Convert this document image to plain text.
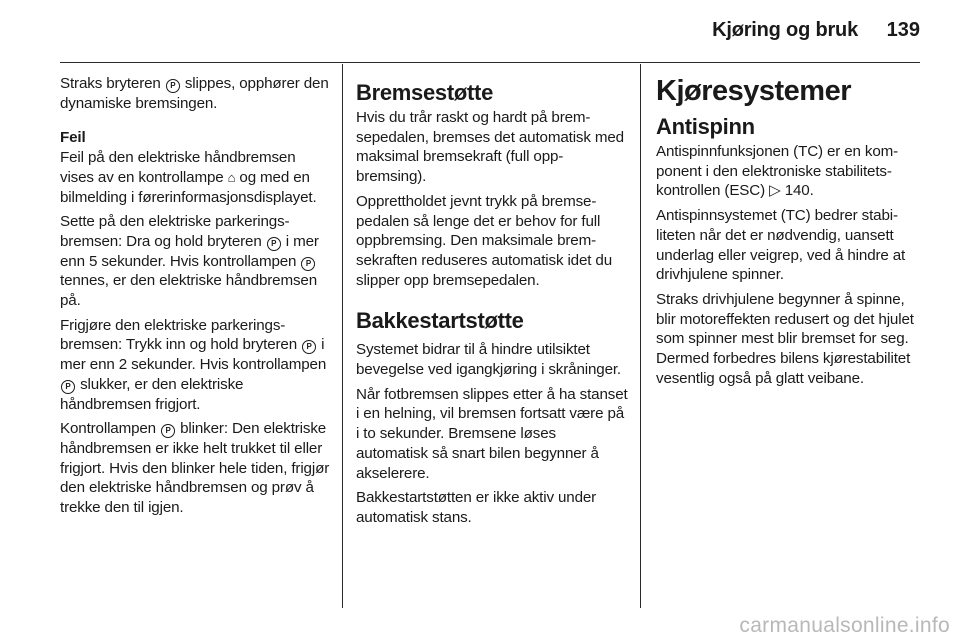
Kjøring og bruk 139

Straks bryteren P slippes, opphører den dynamiske bremsingen.

Feil

Feil på den elektriske håndbremsen vises av en kontrollampe ⌂ og med en bilmelding i førerinformasjonsdisplayet.

Sette på den elektriske parkeringsbremsen: Dra og hold bryteren P i mer enn 5 sekunder. Hvis kontrollampen P tennes, er den elektriske håndbremsen på.

Frigjøre den elektriske parkeringsbremsen: Trykk inn og hold bryteren P i mer enn 2 sekunder. Hvis kontrollampen P slukker, er den elektriske håndbremsen frigjort.

Kontrollampen P blinker: Den elektriske håndbremsen er ikke helt trukket til eller frigjort. Hvis den blinker hele tiden, frigjør den elektriske håndbremsen og prøv å trekke den til igjen.

Bremsestøtte

Hvis du trår raskt og hardt på bremsepedalen, bremses det automatisk med maksimal bremsekraft (full oppbremsing).

Opprettholdet jevnt trykk på bremsepedalen så lenge det er behov for full oppbremsing. Den maksimale bremsekraften reduseres automatisk idet du slipper opp bremsepedalen.

Bakkestartstøtte

Systemet bidrar til å hindre utilsiktet bevegelse ved igangkjøring i skråninger.

Når fotbremsen slippes etter å ha stanset i en helning, vil bremsen fortsatt være på i to sekunder. Bremsene løses automatisk så snart bilen begynner å akselerere.

Bakkestartstøtten er ikke aktiv under automatisk stans.

Kjøresystemer
Antispinn

Antispinnfunksjonen (TC) er en komponent i den elektroniske stabilitetskontrollen (ESC) ▷ 140.

Antispinnsystemet (TC) bedrer stabiliteten når det er nødvendig, uansett underlag eller veigrep, ved å hindre at drivhjulene spinner.

Straks drivhjulene begynner å spinne, blir motoreffekten redusert og det hjulet som spinner mest blir bremset for seg. Dermed forbedres bilens kjørestabilitet vesentlig også på glatt veibane.

carmanualsonline.info
